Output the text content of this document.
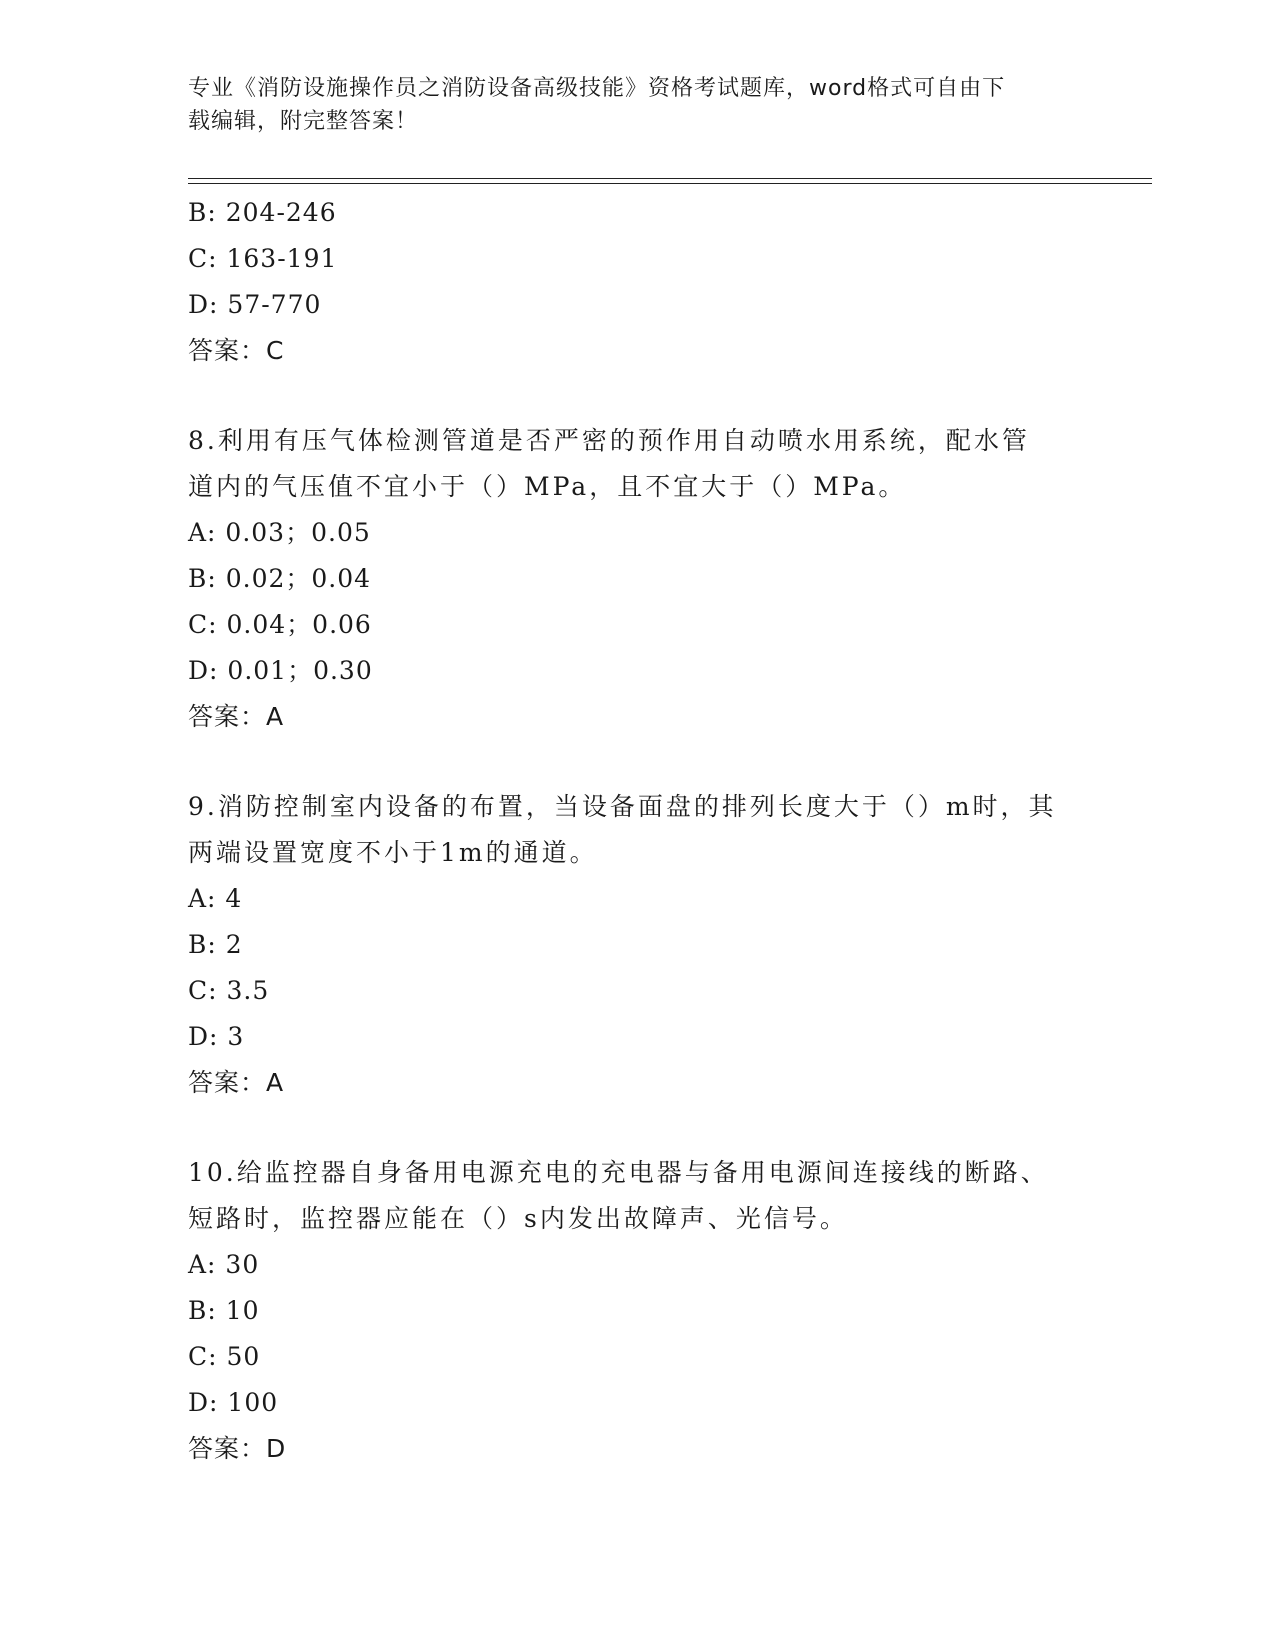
专业《消防设施操作员之消防设备高级技能》资格考试题库，word格式可自由下
载编辑，附完整答案！
B: 204-246
C: 163-191
D: 57-770
答案：C
8.利用有压气体检测管道是否严密的预作用自动喷水用系统，配水管
道内的气压值不宜小于（）MPa，且不宜大于（）MPa。
A: 0.03；0.05
B: 0.02；0.04
C: 0.04；0.06
D: 0.01；0.30
答案：A
9.消防控制室内设备的布置，当设备面盘的排列长度大于（）m时，其
两端设置宽度不小于1m的通道。
A: 4
B: 2
C: 3.5
D: 3
答案：A
10.给监控器自身备用电源充电的充电器与备用电源间连接线的断路、
短路时，监控器应能在（）s内发出故障声、光信号。
A: 30
B: 10
C: 50
D: 100
答案：D
